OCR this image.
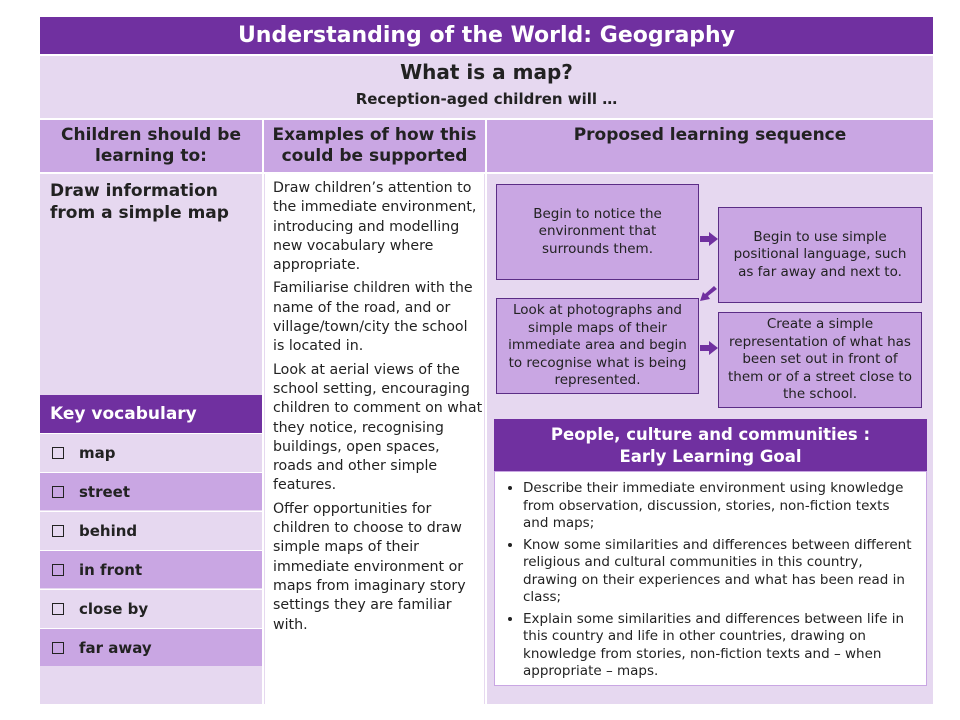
Understanding of the World: Geography
What is a map?
Reception-aged children will …
Children should be learning to:
Examples of how this could be supported
Proposed learning sequence
Draw information from a simple map

Draw children’s attention to the immediate environment, introducing and modelling new vocabulary where appropriate.

Familiarise children with the name of the road, and or village/town/city the school is located in.

Look at aerial views of the school setting, encouraging children to comment on what they notice, recognising buildings, open spaces, roads and other simple features.

Offer opportunities for children to choose to draw simple maps of their immediate environment or maps from imaginary story settings they are familiar with.

Key vocabulary
map
street
behind
in front
close by
far away
Begin to notice the environment that surrounds them.
Begin to use simple positional language, such as far away and next to.
Look at photographs and simple maps of their immediate area and begin to recognise what is being represented.
Create a simple representation of what has been set out in front of them or of a street close to the school.
People, culture and communities :
Early Learning Goal
• Describe their immediate environment using knowledge from observation, discussion, stories, non-fiction texts and maps;
• Know some similarities and differences between different religious and cultural communities in this country, drawing on their experiences and what has been read in class;
• Explain some similarities and differences between life in this country and life in other countries, drawing on knowledge from stories, non-fiction texts and – when appropriate – maps.
